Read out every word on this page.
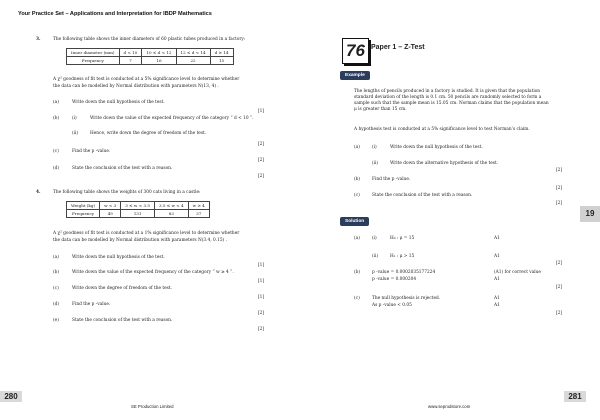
Your Practice Set – Applications and Interpretation for IBDP Mathematics
3.	The following table shows the inner diameters of 60 plastic tubes produced in a factory:
Inner diameter (mm)	d < 10	10 ≤ d < 12	12 ≤ d < 14	d ≥ 14
Frequency	7	16	22	15
A χ² goodness of fit test is conducted at a 5% significance level to determine whether
the data can be modelled by Normal distribution with parameters N(13, 4) .
(a)	Write down the null hypothesis of the test.
[1]
(b)	(i)	Write down the value of the expected frequency of the category “ d < 10 ”.
(ii)	Hence, write down the degree of freedom of the test.
[2]
(c)	Find the p -value.
[2]
(d)	State the conclusion of the test with a reason.
[2]
4.	The following table shows the weights of 300 cats living in a castle:
Weight (kg)	w < 3	3 ≤ w < 3.5	3.5 ≤ w < 4	w ≥ 4
Frequency	49	131	83	37
A χ² goodness of fit test is conducted at a 1% significance level to determine whether
the data can be modelled by Normal distribution with parameters N(3.4, 0.15) .
(a)	Write down the null hypothesis of the test.
[1]
(b)	Write down the value of the expected frequency of the category “ w ≥ 4 ”.
[1]
(c)	Write down the degree of freedom of the test.
[1]
(d)	Find the p -value.
[2]
(e)	State the conclusion of the test with a reason.
[2]
280
SE Production Limited
76 Paper 1 – Z-Test
Example
The lengths of pencils produced in a factory is studied. It is given that the population
standard deviation of the length is 0.1 cm. 50 pencils are randomly selected to form a
sample such that the sample mean is 15.05 cm. Norman claims that the population mean
μ is greater than 15 cm.
A hypothesis test is conducted at a 5% significance level to test Norman’s claim.
(a)	(i)	Write down the null hypothesis of the test.
(ii)	Write down the alternative hypothesis of the test.
[2]
(b)	Find the p -value.
[2]
(c)	State the conclusion of the test with a reason.
[2]
Solution
(a)	(i)	H₀ : μ = 15	A1
(ii)	H₁ : μ > 15	A1
[2]
(b)	p -value = 0.0002035177224	(A1) for correct value
p -value = 0.000204	A1
[2]
(c)	The null hypothesis is rejected.	A1
As p -value < 0.05	A1
[2]
19
281
www.seprodstore.com
